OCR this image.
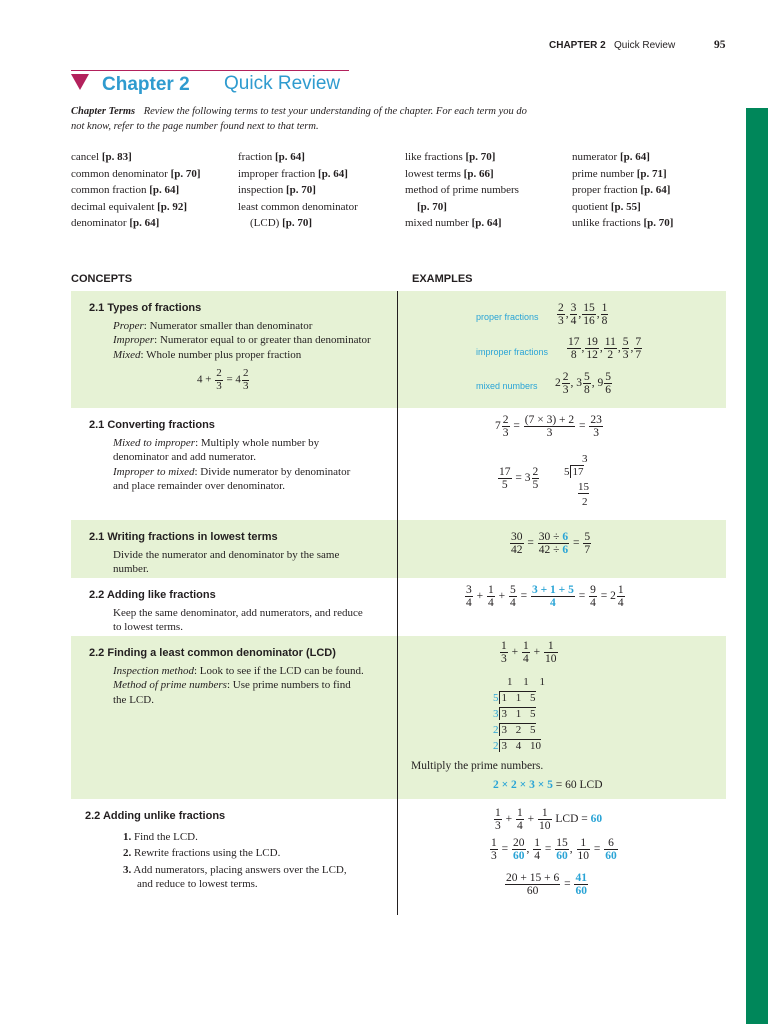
CHAPTER 2 Quick Review	95
Chapter 2 Quick Review
Chapter Terms Review the following terms to test your understanding of the chapter. For each term you do not know, refer to the page number found next to that term.
cancel [p. 83]
common denominator [p. 70]
common fraction [p. 64]
decimal equivalent [p. 92]
denominator [p. 64]
fraction [p. 64]
improper fraction [p. 64]
inspection [p. 70]
least common denominator
(LCD) [p. 70]
like fractions [p. 70]
lowest terms [p. 66]
method of prime numbers
[p. 70]
mixed number [p. 64]
numerator [p. 64]
prime number [p. 71]
proper fraction [p. 64]
quotient [p. 55]
unlike fractions [p. 70]
CONCEPTS	EXAMPLES
2.1 Types of fractions
Proper: Numerator smaller than denominator
Improper: Numerator equal to or greater than denominator
Mixed: Whole number plus proper fraction
$4 + \frac{2}{3} = 4 \frac{2}{3}$
proper fractions $\frac{2}{3}$ , $\frac{3}{4}$ , $\frac{15}{16}$ , $\frac{1}{8}$
improper fractions $\frac{17}{8}$ , $\frac{19}{12}$ , $\frac{11}{2}$ , $\frac{5}{3}$ , $\frac{7}{7}$
mixed numbers $2 \frac{2}{3}$ , $3 \frac{5}{8}$ , $9 \frac{5}{6}$
2.1 Converting fractions
Mixed to improper: Multiply whole number by
denominator and add numerator.
Improper to mixed: Divide numerator by denominator
and place remainder over denominator.
$7 \frac{2}{3} = \frac{(7 \times 3) + 2}{3} = \frac{23}{3}$
$\frac{17}{5} = 3 \frac{2}{5}$
3
5 17
15
2
2.1 Writing fractions in lowest terms
Divide the numerator and denominator by the same
number.
$\frac{30}{42} = \frac{30 \div 6}{42 \div 6} = \frac{5}{7}$
2.2 Adding like fractions
Keep the same denominator, add numerators, and reduce
to lowest terms.
$\frac{3}{4} + \frac{1}{4} + \frac{5}{4} = \frac{3 + 1 + 5}{4} = \frac{9}{4} = 2 \frac{1}{4}$
2.2 Finding a least common denominator (LCD)
Inspection method: Look to see if the LCD can be found.
Method of prime numbers: Use prime numbers to find
the LCD.
$\frac{1}{3} + \frac{1}{4} + \frac{1}{10}$
1 1 1
5 1 1 5
3 3 1 5
2 3 2 5
2 3 4 10
Multiply the prime numbers.
2 × 2 × 3 × 5 = 60 LCD
2.2 Adding unlike fractions
1. Find the LCD.
2. Rewrite fractions using the LCD.
3. Add numerators, placing answers over the LCD,
and reduce to lowest terms.
$\frac{1}{3} + \frac{1}{4} + \frac{1}{10}$ LCD = 60
$\frac{1}{3} = \frac{20}{60}$ , $\frac{1}{4} = \frac{15}{60}$ , $\frac{1}{10} = \frac{6}{60}$
$\frac{20 + 15 + 6}{60} = \frac{41}{60}$
